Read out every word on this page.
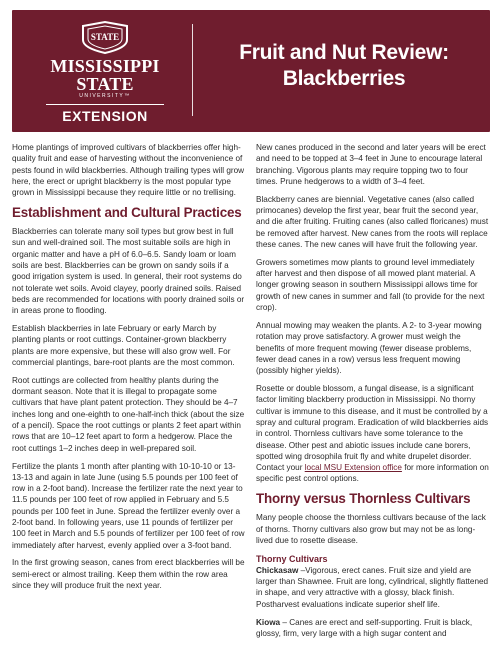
STATE
MISSISSIPPI STATE
UNIVERSITY™
EXTENSION
Fruit and Nut Review:
Blackberries

Home plantings of improved cultivars of blackberries offer high-quality fruit and ease of harvesting without the inconvenience of pests found in wild blackberries. Although trailing types will grow here, the erect or upright blackberry is the most popular type grown in Mississippi because they require little or no trellising.

Establishment and Cultural Practices

Blackberries can tolerate many soil types but grow best in full sun and well-drained soil. The most suitable soils are high in organic matter and have a pH of 6.0–6.5. Sandy loam or loam soils are best. Blackberries can be grown on sandy soils if a good irrigation system is used. In general, their root systems do not tolerate wet soils. Avoid clayey, poorly drained soils. Raised beds are recommended for locations with poorly drained soils or in areas prone to flooding.

Establish blackberries in late February or early March by planting plants or root cuttings. Container-grown blackberry plants are more expensive, but these will also grow well. For commercial plantings, bare-root plants are the most common.

Root cuttings are collected from healthy plants during the dormant season. Note that it is illegal to propagate some cultivars that have plant patent protection. They should be 4–7 inches long and one-eighth to one-half-inch thick (about the size of a pencil). Space the root cuttings or plants 2 feet apart within rows that are 10–12 feet apart to form a hedgerow. Place the root cuttings 1–2 inches deep in well-prepared soil.

Fertilize the plants 1 month after planting with 10-10-10 or 13-13-13 and again in late June (using 5.5 pounds per 100 feet of row in a 2-foot band). Increase the fertilizer rate the next year to 11.5 pounds per 100 feet of row applied in February and 5.5 pounds per 100 feet in June. Spread the fertilizer evenly over a 2-foot band. In following years, use 11 pounds of fertilizer per 100 feet in March and 5.5 pounds of fertilizer per 100 feet of row immediately after harvest, evenly applied over a 3-foot band.

In the first growing season, canes from erect blackberries will be semi-erect or almost trailing. Keep them within the row area since they will produce fruit the next year.

New canes produced in the second and later years will be erect and need to be topped at 3–4 feet in June to encourage lateral branching. Vigorous plants may require topping two to four times. Prune hedgerows to a width of 3–4 feet.

Blackberry canes are biennial. Vegetative canes (also called primocanes) develop the first year, bear fruit the second year, and die after fruiting. Fruiting canes (also called floricanes) must be removed after harvest. New canes from the roots will replace these canes. The new canes will have fruit the following year.

Growers sometimes mow plants to ground level immediately after harvest and then dispose of all mowed plant material. A longer growing season in southern Mississippi allows time for growth of new canes in summer and fall (to provide for the next crop).

Annual mowing may weaken the plants. A 2- to 3-year mowing rotation may prove satisfactory. A grower must weigh the benefits of more frequent mowing (fewer disease problems, fewer dead canes in a row) versus less frequent mowing (possibly higher yields).

Rosette or double blossom, a fungal disease, is a significant factor limiting blackberry production in Mississippi. No thorny cultivar is immune to this disease, and it must be controlled by a spray and cultural program. Eradication of wild blackberries aids in control. Thornless cultivars have some tolerance to the disease. Other pest and abiotic issues include cane borers, spotted wing drosophila fruit fly and white drupelet disorder. Contact your local MSU Extension office for more information on specific pest control options.

Thorny versus Thornless Cultivars

Many people choose the thornless cultivars because of the lack of thorns. Thorny cultivars also grow but may not be as long-lived due to rosette disease.

Thorny Cultivars

Chickasaw –Vigorous, erect canes. Fruit size and yield are larger than Shawnee. Fruit are long, cylindrical, slightly flattened in shape, and very attractive with a glossy, black finish. Postharvest evaluations indicate superior shelf life.

Kiowa – Canes are erect and self-supporting. Fruit is black, glossy, firm, very large with a high sugar content and
